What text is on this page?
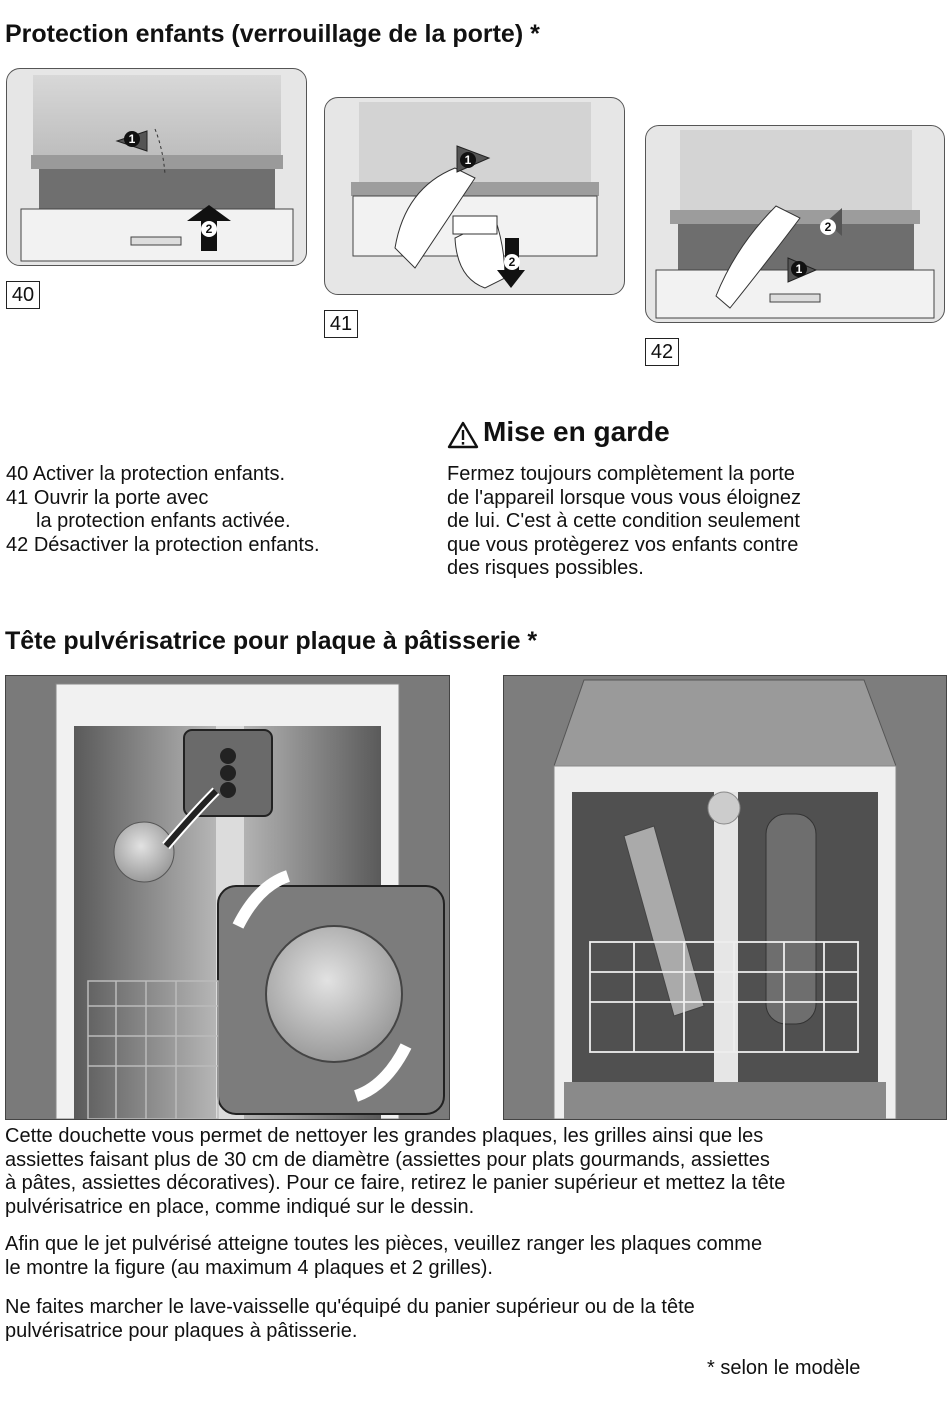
Protection enfants (verrouillage de la porte) *
1
2
40
1
2
41
1
2
42
40 Activer la protection enfants.
41 Ouvrir la porte avec
la protection enfants activée.
42 Désactiver la protection enfants.
Mise en garde
Fermez toujours complètement la porte
de l'appareil lorsque vous vous éloignez
de lui. C'est à cette condition seulement
que vous protègerez vos enfants contre
des risques possibles.
Tête pulvérisatrice pour plaque à pâtisserie *
Cette douchette vous permet de nettoyer les grandes plaques, les grilles ainsi que les
assiettes faisant plus de 30 cm de diamètre (assiettes pour plats gourmands, assiettes
à pâtes, assiettes décoratives). Pour ce faire, retirez le panier supérieur et mettez la tête
pulvérisatrice en place, comme indiqué sur le dessin.
Afin que le jet pulvérisé atteigne toutes les pièces, veuillez ranger les plaques comme
le montre la figure (au maximum 4 plaques et 2 grilles).
Ne faites marcher le lave-vaisselle qu'équipé du panier supérieur ou de la tête
pulvérisatrice pour plaques à pâtisserie.
* selon le modèle
